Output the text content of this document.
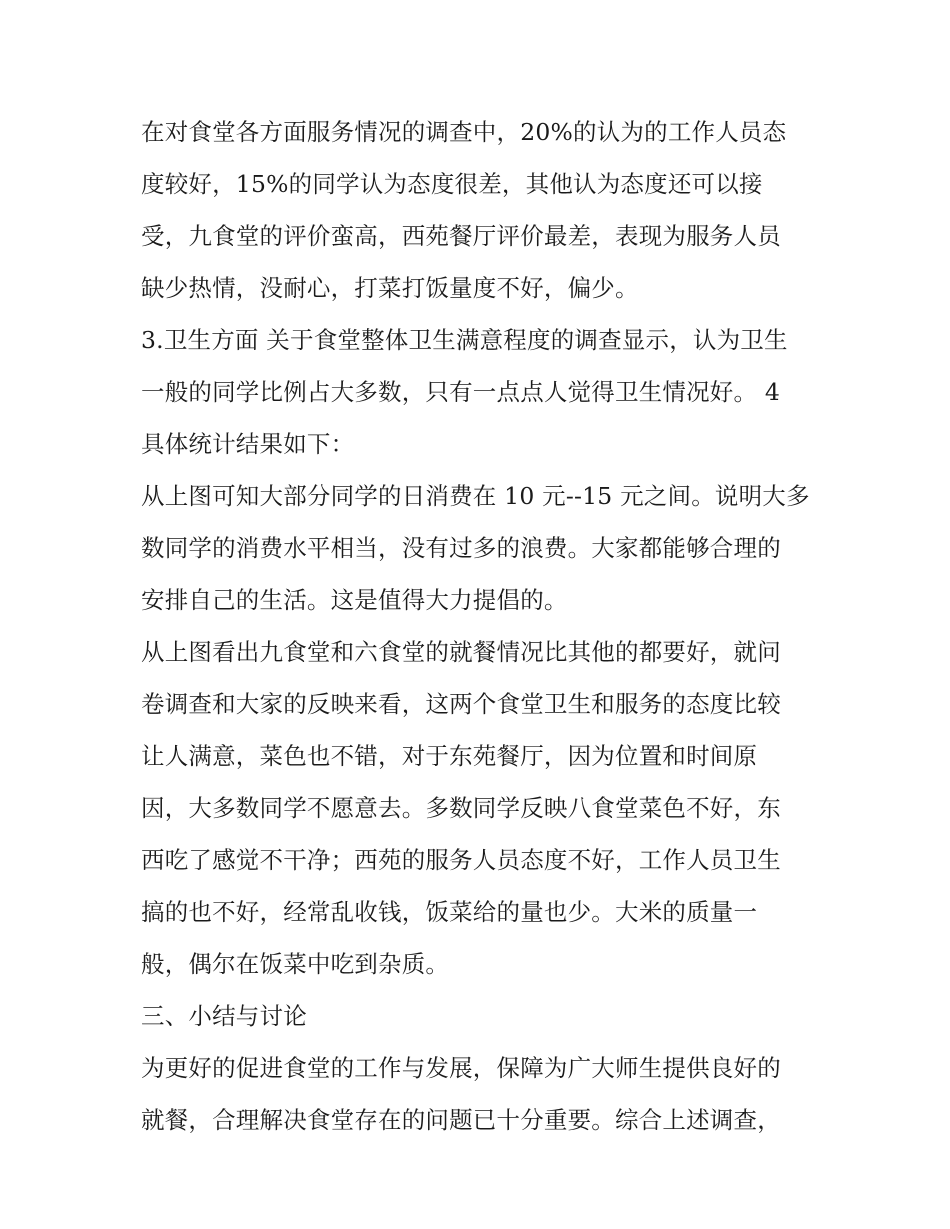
在对食堂各方面服务情况的调查中，20%的认为的工作人员态
度较好，15%的同学认为态度很差，其他认为态度还可以接
受，九食堂的评价蛮高，西苑餐厅评价最差，表现为服务人员
缺少热情，没耐心，打菜打饭量度不好，偏少。
3.卫生方面 关于食堂整体卫生满意程度的调查显示，认为卫生
一般的同学比例占大多数，只有一点点人觉得卫生情况好。 4
具体统计结果如下：
从上图可知大部分同学的日消费在 10 元--15 元之间。说明大多
数同学的消费水平相当，没有过多的浪费。大家都能够合理的
安排自己的生活。这是值得大力提倡的。
从上图看出九食堂和六食堂的就餐情况比其他的都要好，就问
卷调查和大家的反映来看，这两个食堂卫生和服务的态度比较
让人满意，菜色也不错，对于东苑餐厅，因为位置和时间原
因，大多数同学不愿意去。多数同学反映八食堂菜色不好，东
西吃了感觉不干净；西苑的服务人员态度不好，工作人员卫生
搞的也不好，经常乱收钱，饭菜给的量也少。大米的质量一
般，偶尔在饭菜中吃到杂质。
三、小结与讨论
为更好的促进食堂的工作与发展，保障为广大师生提供良好的
就餐，合理解决食堂存在的问题已十分重要。综合上述调查，
